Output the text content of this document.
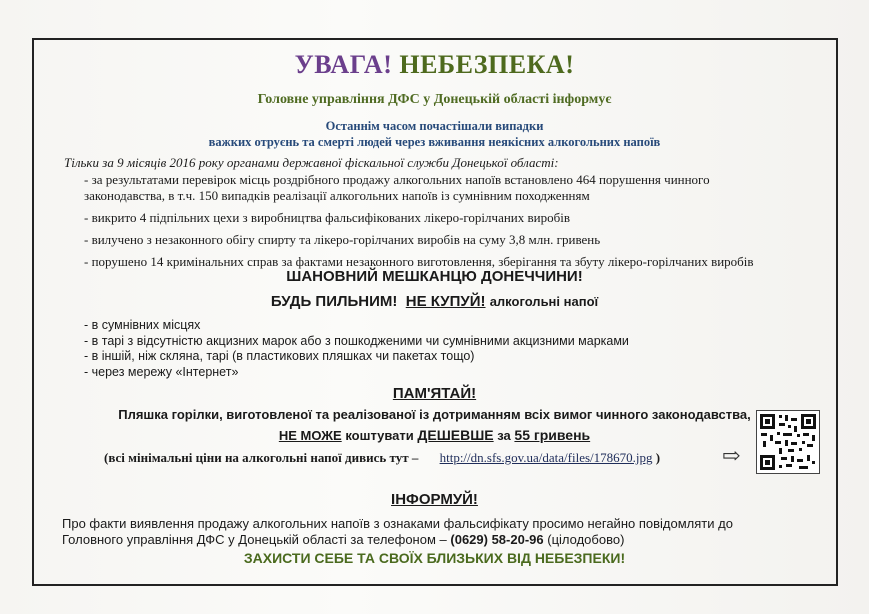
УВАГА! НЕБЕЗПЕКА!
Головне управління ДФС у Донецькій області інформує
Останнім часом почастішали випадки
важких отруєнь та смерті людей через вживання неякісних алкогольних напоїв
Тільки за 9 місяців 2016 року органами державної фіскальної служби Донецької області:
- за результатами перевірок місць роздрібного продажу алкогольних напоїв встановлено 464 порушення чинного законодавства, в т.ч. 150 випадків реалізації алкогольних напоїв із сумнівним походженням
- викрито 4 підпільних цехи з виробництва фальсифікованих лікеро-горілчаних виробів
- вилучено з незаконного обігу спирту та лікеро-горілчаних виробів на суму 3,8 млн. гривень
- порушено 14 кримінальних справ за фактами незаконного виготовлення, зберігання та збуту лікеро-горілчаних виробів
ШАНОВНИЙ МЕШКАНЦЮ ДОНЕЧЧИНИ!
БУДЬ ПИЛЬНИМ! НЕ КУПУЙ! алкогольні напої
- в сумнівних місцях
- в тарі з відсутністю акцизних марок або з пошкодженими чи сумнівними акцизними марками
- в іншій, ніж скляна, тарі (в пластикових пляшках чи пакетах тощо)
- через мережу «Інтернет»
ПАМ'ЯТАЙ!
Пляшка горілки, виготовленої та реалізованої із дотриманням всіх вимог чинного законодавства,
НЕ МОЖЕ коштувати ДЕШЕВШЕ за 55 гривень
(всі мінімальні ціни на алкогольні напої дивись тут – http://dn.sfs.gov.ua/data/files/178670.jpg )	⇨
ІНФОРМУЙ!
Про факти виявлення продажу алкогольних напоїв з ознаками фальсифікату просимо негайно повідомляти до Головного управління ДФС у Донецькій області за телефоном – (0629) 58-20-96 (цілодобово)
ЗАХИСТИ СЕБЕ ТА СВОЇХ БЛИЗЬКИХ ВІД НЕБЕЗПЕКИ!
